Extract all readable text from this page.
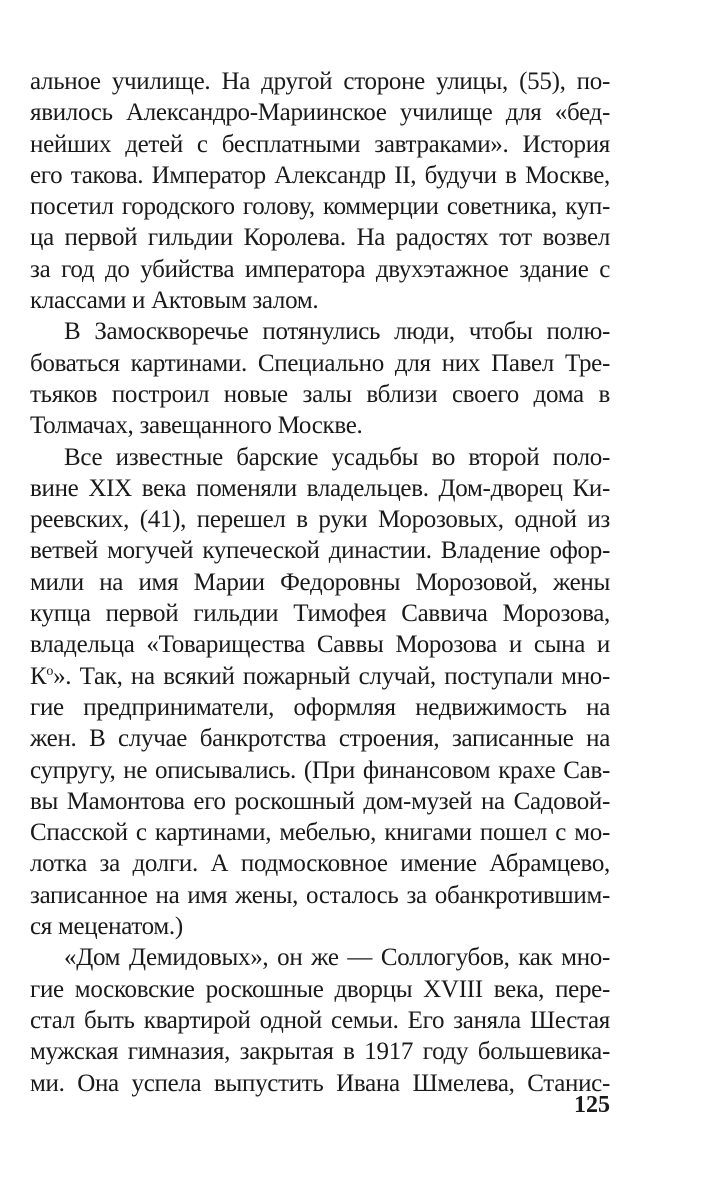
альное училище. На другой стороне улицы, (55), по-
явилось Александро-Мариинское училище для «бед-
нейших детей с бесплатными завтраками». История
его такова. Император Александр II, будучи в Москве,
посетил городского голову, коммерции советника, куп-
ца первой гильдии Королева. На радостях тот возвел
за год до убийства императора двухэтажное здание с
классами и Актовым залом.
В Замоскворечье потянулись люди, чтобы полю-
боваться картинами. Специально для них Павел Тре-
тьяков построил новые залы вблизи своего дома в
Толмачах, завещанного Москве.
Все известные барские усадьбы во второй поло-
вине XIX века поменяли владельцев. Дом-дворец Ки-
реевских, (41), перешел в руки Морозовых, одной из
ветвей могучей купеческой династии. Владение офор-
мили на имя Марии Федоровны Морозовой, жены
купца первой гильдии Тимофея Саввича Морозова,
владельца «Товарищества Саввы Морозова и сына и
$К^о$». Так, на всякий пожарный случай, поступали мно-
гие предприниматели, оформляя недвижимость на
жен. В случае банкротства строения, записанные на
супругу, не описывались. (При финансовом крахе Сав-
вы Мамонтова его роскошный дом-музей на Садовой-
Спасской с картинами, мебелью, книгами пошел с мо-
лотка за долги. А подмосковное имение Абрамцево,
записанное на имя жены, осталось за обанкротившим-
ся меценатом.)
«Дом Демидовых», он же — Соллогубов, как мно-
гие московские роскошные дворцы XVIII века, пере-
стал быть квартирой одной семьи. Его заняла Шестая
мужская гимназия, закрытая в 1917 году большевика-
ми. Она успела выпустить Ивана Шмелева, Станис-
125
